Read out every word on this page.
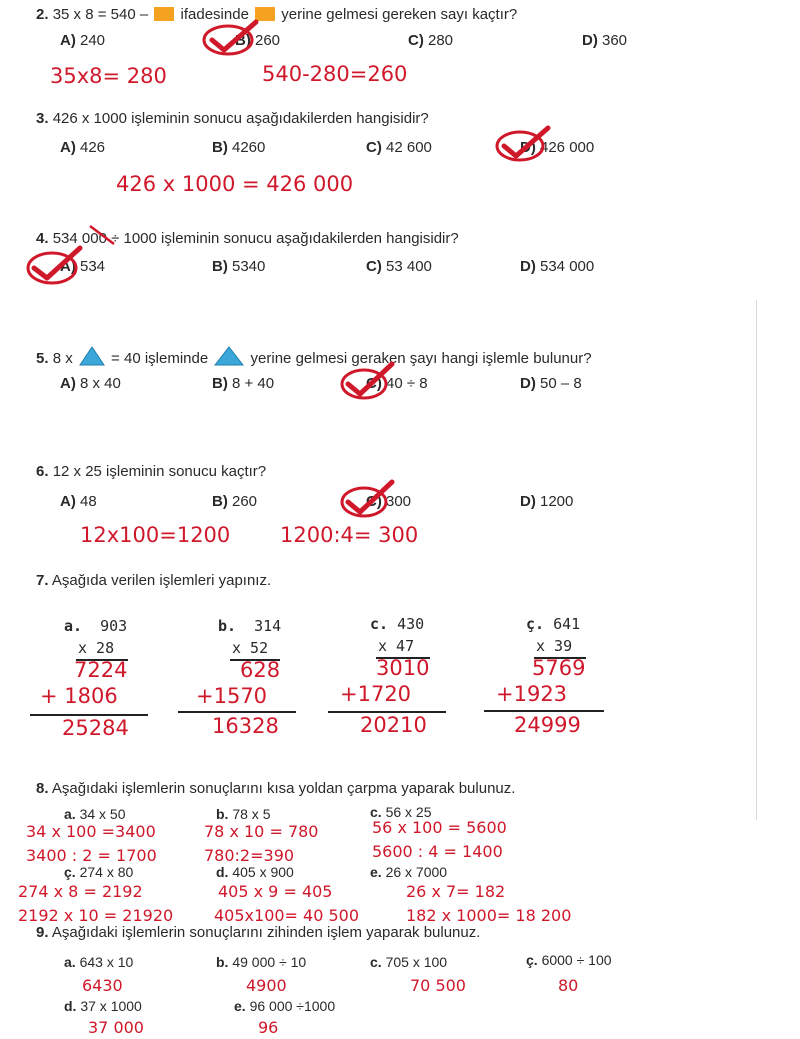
2. 35 x 8 = 540 – ifadesinde yerine gelmesi gereken sayı kaçtır?
A) 240	B) 260	C) 280	D) 360
35x8= 280	540-280=260
3. 426 x 1000 işleminin sonucu aşağıdakilerden hangisidir?
A) 426	B) 4260	C) 42 600	D) 426 000
426 x 1000 = 426 000
4. 534 000 ÷ 1000 işleminin sonucu aşağıdakilerden hangisidir?
A) 534	B) 5340	C) 53 400	D) 534 000
5. 8 x	= 40 işleminde	yerine gelmesi geraken şayı hangi işlemle bulunur?
A) 8 x 40	B) 8 + 40	C) 40 ÷ 8	D) 50 – 8
6. 12 x 25 işleminin sonucu kaçtır?
A) 48	B) 260	C) 300	D) 1200
12x100=1200 1200:4= 300
7. Aşağıda verilen işlemleri yapınız.
a. 903
x 28
7224
+ 1806
25284
b. 314
x 52
628
+1570
16328
c. 430
x 47
3010
+1720
20210
ç. 641
x 39
5769
+1923
24999
8. Aşağıdaki işlemlerin sonuçlarını kısa yoldan çarpma yaparak bulunuz.
a. 34 x 50	b. 78 x 5	c. 56 x 25
34 x 100 =3400	78 x 10 = 780	56 x 100 = 5600
3400 : 2 = 1700	780:2=390	5600 : 4 = 1400
ç. 274 x 80	d. 405 x 900	e. 26 x 7000
274 x 8 = 2192	405 x 9 = 405	26 x 7= 182
2192 x 10 = 21920	405x100= 40 500	182 x 1000= 18 200
9. Aşağıdaki işlemlerin sonuçlarını zihinden işlem yaparak bulunuz.
a. 643 x 10	b. 49 000 ÷ 10	c. 705 x 100	ç. 6000 ÷ 100
6430	4900	70 500	80
d. 37 x 1000	e. 96 000 ÷1000
37 000	96
